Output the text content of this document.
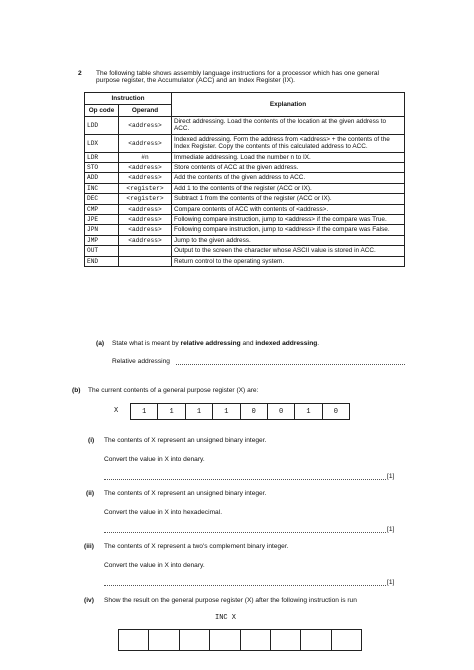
2 The following table shows assembly language instructions for a processor which has one general
purpose register, the Accumulator (ACC) and an Index Register (IX).
Instruction		Explanation
Op code	Operand	
LDD	<address>	Direct addressing. Load the contents of the location at the given address to ACC.
LDX	<address>	Indexed addressing. Form the address from <address> + the contents of the Index Register. Copy the contents of this calculated address to ACC.
LDR	#n	Immediate addressing. Load the number n to IX.
STO	<address>	Store contents of ACC at the given address.
ADD	<address>	Add the contents of the given address to ACC.
INC	<register>	Add 1 to the contents of the register (ACC or IX).
DEC	<register>	Subtract 1 from the contents of the register (ACC or IX).
CMP	<address>	Compare contents of ACC with contents of <address>.
JPE	<address>	Following compare instruction, jump to <address> if the compare was True.
JPN	<address>	Following compare instruction, jump to <address> if the compare was False.
JMP	<address>	Jump to the given address.
OUT		Output to the screen the character whose ASCII value is stored in ACC.
END		Return control to the operating system.
(a) State what is meant by relative addressing and indexed addressing.
Relative addressing
(b) The current contents of a general purpose register (X) are:
X	1	1	1	1	0	0	1	0
(i) The contents of X represent an unsigned binary integer.
Convert the value in X into denary.
[1]
(ii) The contents of X represent an unsigned binary integer.
Convert the value in X into hexadecimal.
[1]
(iii) The contents of X represent a two's complement binary integer.
Convert the value in X into denary.
[1]
(iv) Show the result on the general purpose register (X) after the following instruction is run
INC X
